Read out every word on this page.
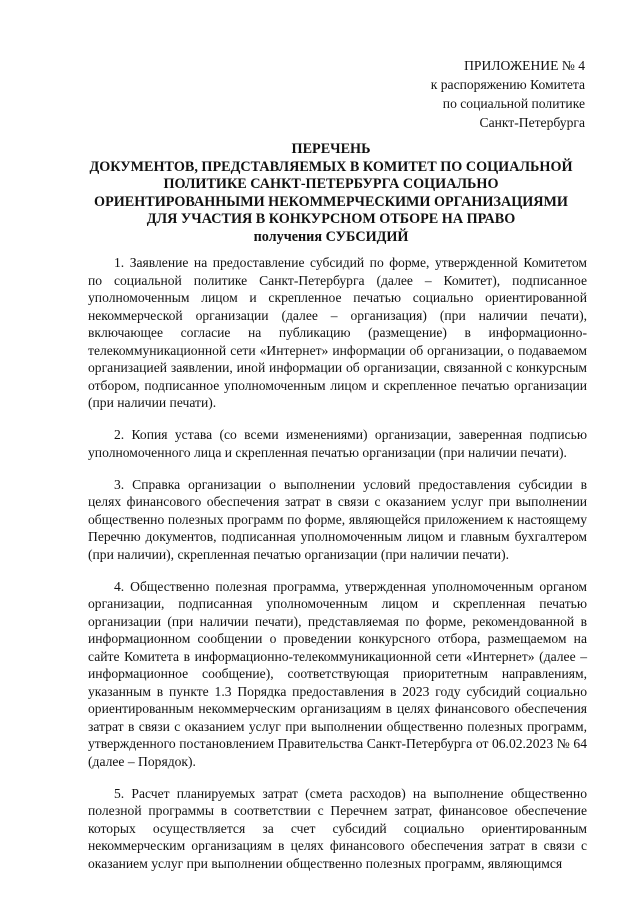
ПРИЛОЖЕНИЕ № 4
к распоряжению Комитета
по социальной политике
Санкт-Петербурга
ПЕРЕЧЕНЬ
ДОКУМЕНТОВ, ПРЕДСТАВЛЯЕМЫХ В КОМИТЕТ ПО СОЦИАЛЬНОЙ
ПОЛИТИКЕ САНКТ-ПЕТЕРБУРГА СОЦИАЛЬНО
ОРИЕНТИРОВАННЫМИ НЕКОММЕРЧЕСКИМИ ОРГАНИЗАЦИЯМИ
ДЛЯ УЧАСТИЯ В КОНКУРСНОМ ОТБОРЕ НА ПРАВО
получения СУБСИДИЙ

1. Заявление на предоставление субсидий по форме, утвержденной Комитетом по социальной политике Санкт-Петербурга (далее – Комитет), подписанное уполномоченным лицом и скрепленное печатью социально ориентированной некоммерческой организации (далее – организация) (при наличии печати), включающее согласие на публикацию (размещение) в информационно-телекоммуникационной сети «Интернет» информации об организации, о подаваемом организацией заявлении, иной информации об организации, связанной с конкурсным отбором, подписанное уполномоченным лицом и скрепленное печатью организации (при наличии печати).

2. Копия устава (со всеми изменениями) организации, заверенная подписью уполномоченного лица и скрепленная печатью организации (при наличии печати).

3. Справка организации о выполнении условий предоставления субсидии в целях финансового обеспечения затрат в связи с оказанием услуг при выполнении общественно полезных программ по форме, являющейся приложением к настоящему Перечню документов, подписанная уполномоченным лицом и главным бухгалтером (при наличии), скрепленная печатью организации (при наличии печати).

4. Общественно полезная программа, утвержденная уполномоченным органом организации, подписанная уполномоченным лицом и скрепленная печатью организации (при наличии печати), представляемая по форме, рекомендованной в информационном сообщении о проведении конкурсного отбора, размещаемом на сайте Комитета в информационно-телекоммуникационной сети «Интернет» (далее – информационное сообщение), соответствующая приоритетным направлениям, указанным в пункте 1.3 Порядка предоставления в 2023 году субсидий социально ориентированным некоммерческим организациям в целях финансового обеспечения затрат в связи с оказанием услуг при выполнении общественно полезных программ, утвержденного постановлением Правительства Санкт-Петербурга от 06.02.2023 № 64 (далее – Порядок).

5. Расчет планируемых затрат (смета расходов) на выполнение общественно полезной программы в соответствии с Перечнем затрат, финансовое обеспечение которых осуществляется за счет субсидий социально ориентированным некоммерческим организациям в целях финансового обеспечения затрат в связи с оказанием услуг при выполнении общественно полезных программ, являющимся
